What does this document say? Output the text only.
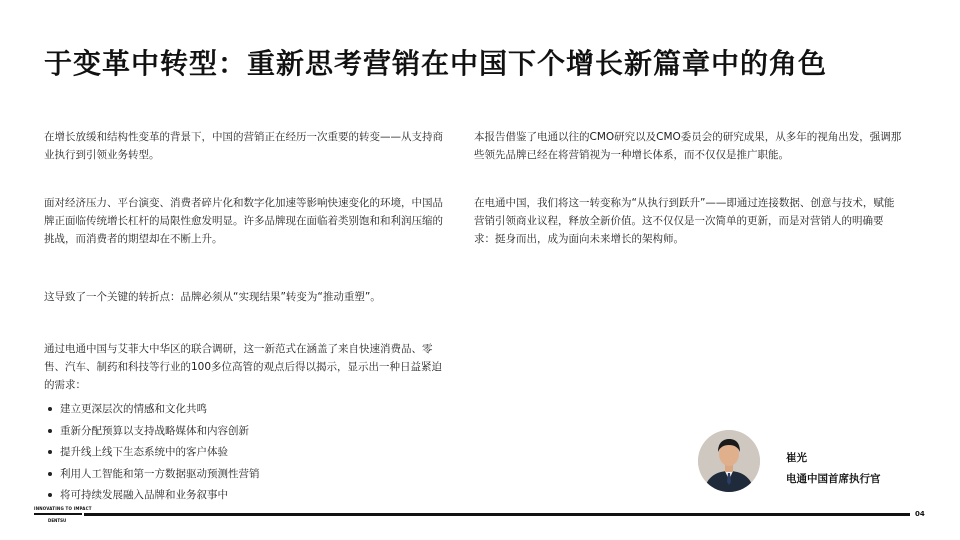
于变革中转型：重新思考营销在中国下个增长新篇章中的角色

在增长放缓和结构性变革的背景下，中国的营销正在经历一次重要的转变——从支持商业执行到引领业务转型。

面对经济压力、平台演变、消费者碎片化和数字化加速等影响快速变化的环境，中国品牌正面临传统增长杠杆的局限性愈发明显。许多品牌现在面临着类别饱和和利润压缩的挑战，而消费者的期望却在不断上升。

这导致了一个关键的转折点：品牌必须从“实现结果”转变为“推动重塑”。

通过电通中国与艾菲大中华区的联合调研，这一新范式在涵盖了来自快速消费品、零售、汽车、制药和科技等行业的100多位高管的观点后得以揭示，显示出一种日益紧迫的需求：

建立更深层次的情感和文化共鸣
重新分配预算以支持战略媒体和内容创新
提升线上线下生态系统中的客户体验
利用人工智能和第一方数据驱动预测性营销
将可持续发展融入品牌和业务叙事中

本报告借鉴了电通以往的CMO研究以及CMO委员会的研究成果，从多年的视角出发，强调那些领先品牌已经在将营销视为一种增长体系，而不仅仅是推广职能。

在电通中国，我们将这一转变称为“从执行到跃升”——即通过连接数据、创意与技术，赋能营销引领商业议程，释放全新价值。这不仅仅是一次简单的更新，而是对营销人的明确要求：挺身而出，成为面向未来增长的架构师。

崔光
电通中国首席执行官
INNOVATING TO IMPACT
DENTSU
04
